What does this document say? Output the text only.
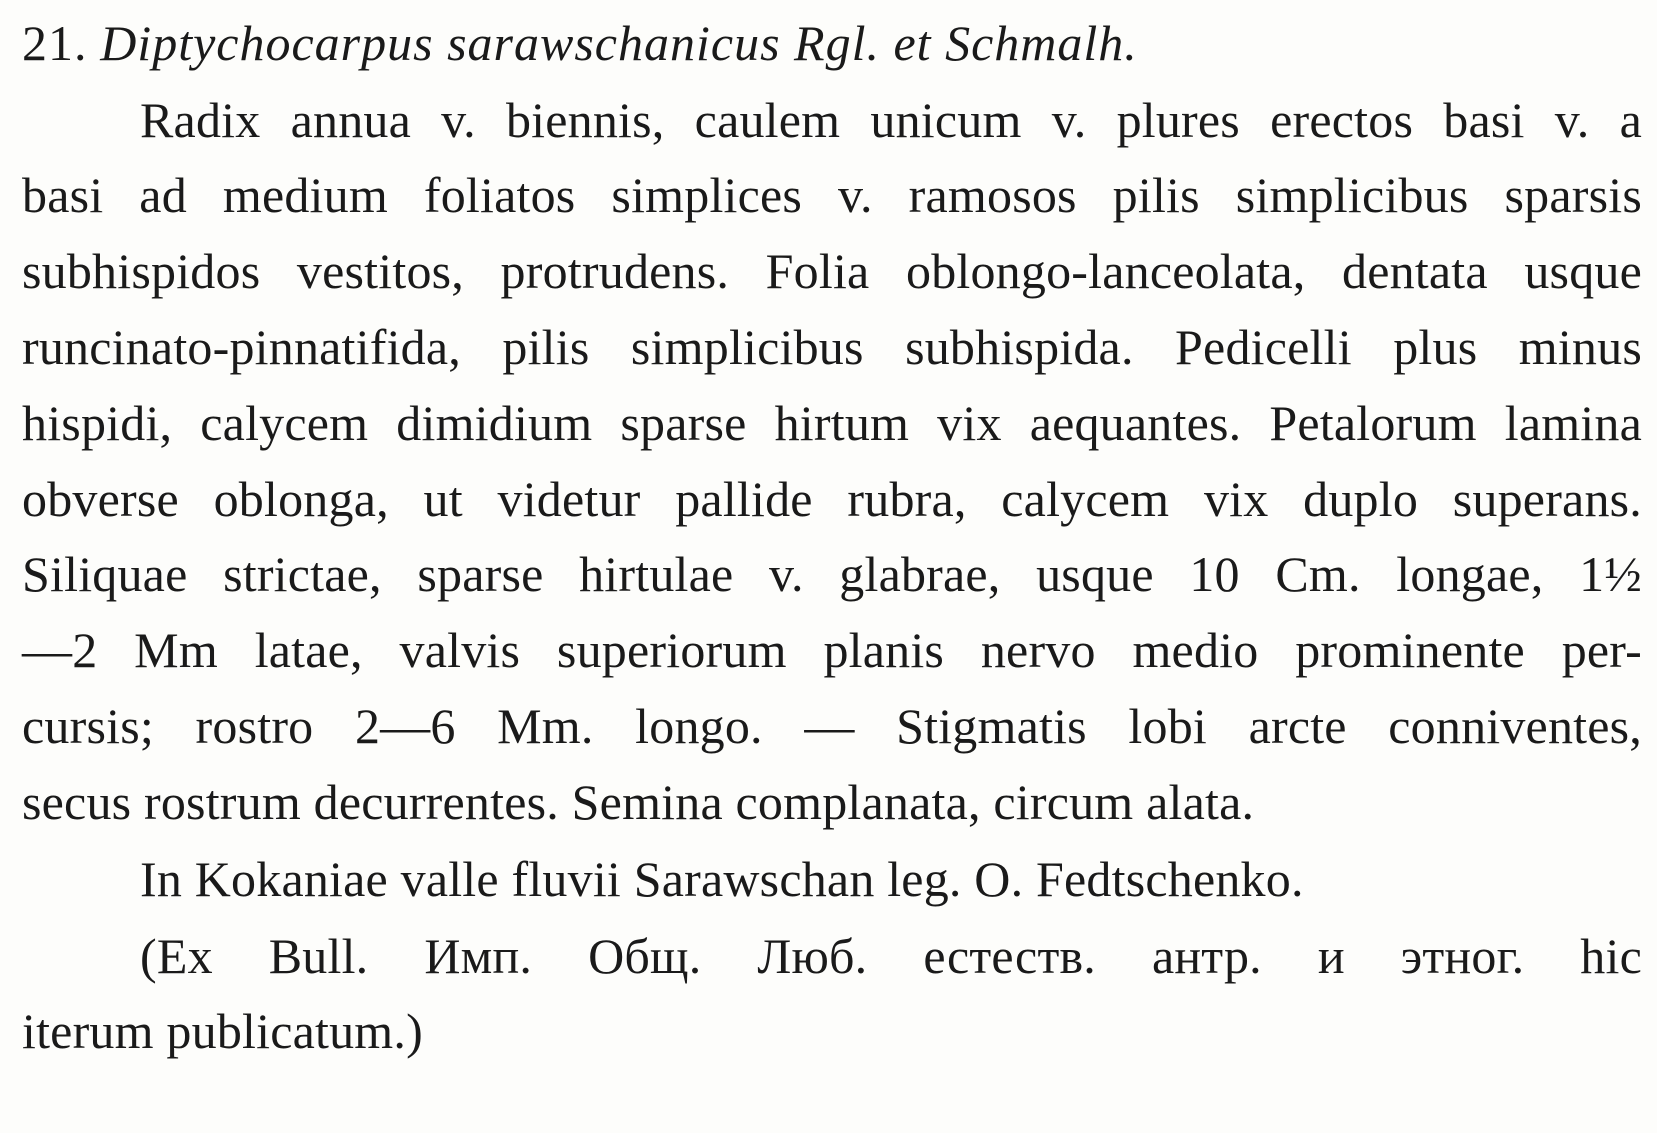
21. Diptychocarpus sarawschanicus Rgl. et Schmalh.
Radix annua v. biennis, caulem unicum v. plures erectos basi v. a
basi ad medium foliatos simplices v. ramosos pilis simplicibus sparsis
subhispidos vestitos, protrudens. Folia oblongo-lanceolata, dentata usque
runcinato-pinnatifida, pilis simplicibus subhispida. Pedicelli plus minus
hispidi, calycem dimidium sparse hirtum vix aequantes. Petalorum lamina
obverse oblonga, ut videtur pallide rubra, calycem vix duplo superans.
Siliquae strictae, sparse hirtulae v. glabrae, usque 10 Cm. longae, 1½
—2 Mm latae, valvis superiorum planis nervo medio prominente per-
cursis; rostro 2—6 Mm. longo. — Stigmatis lobi arcte conniventes,
secus rostrum decurrentes. Semina complanata, circum alata.
In Kokaniae valle fluvii Sarawschan leg. O. Fedtschenko.
(Ex Bull. Имп. Общ. Люб. естеств. антр. и этног. hic
iterum publicatum.)
